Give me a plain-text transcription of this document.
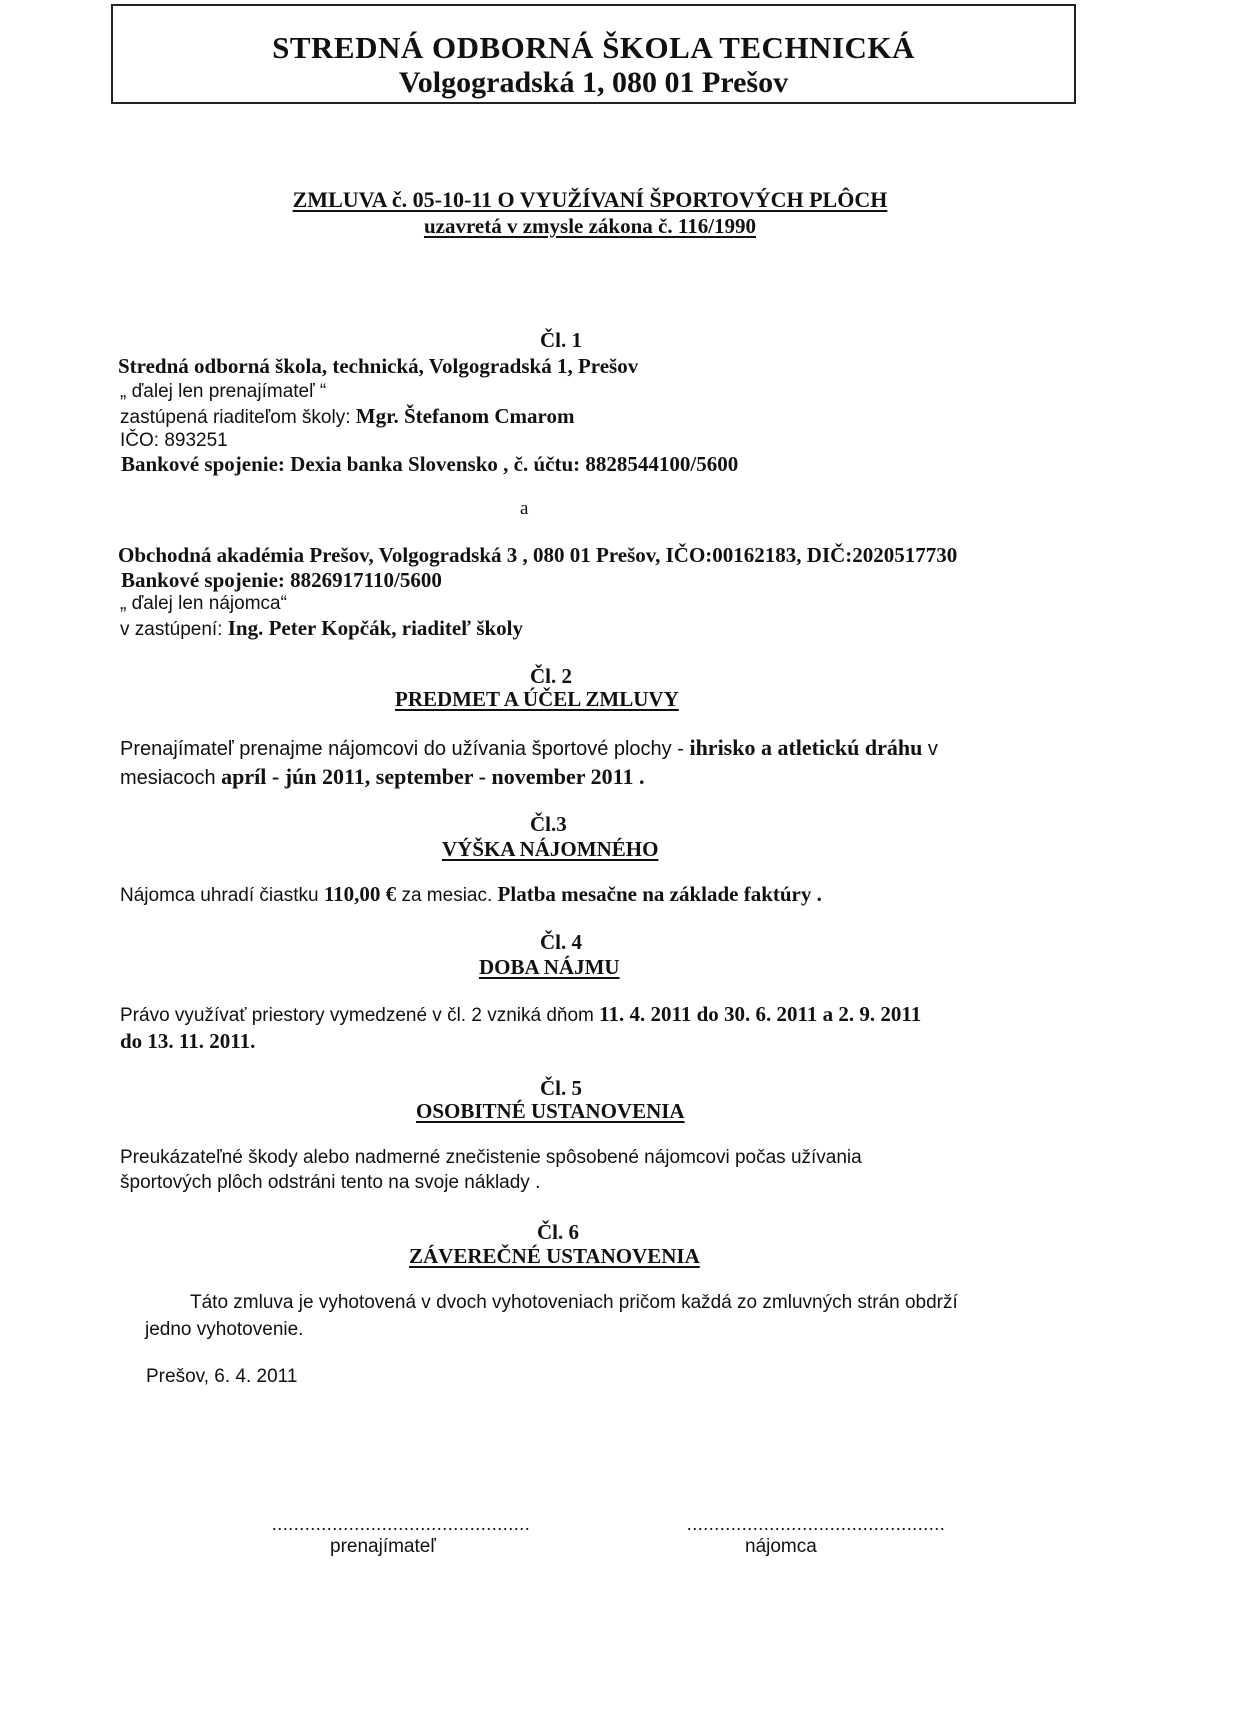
STREDNÁ ODBORNÁ ŠKOLA TECHNICKÁ
Volgogradská 1, 080 01 Prešov
ZMLUVA č. 05-10-11 O VYUŽÍVANÍ ŠPORTOVÝCH PLÔCH
uzavretá v zmysle zákona č. 116/1990
Čl. 1
Stredná odborná škola, technická, Volgogradská 1, Prešov
„ ďalej len prenajímateľ “
zastúpená riaditeľom školy: Mgr. Štefanom Cmarom
IČO: 893251
Bankové spojenie: Dexia banka Slovensko , č. účtu: 8828544100/5600
a
Obchodná akadémia Prešov, Volgogradská 3 , 080 01 Prešov, IČO:00162183, DIČ:2020517730
Bankové spojenie: 8826917110/5600
„ ďalej len nájomca“
v zastúpení: Ing. Peter Kopčák, riaditeľ školy
Čl. 2
PREDMET A ÚČEL ZMLUVY
Prenajímateľ prenajme nájomcovi do užívania športové plochy - ihrisko a atletickú dráhu v
mesiacoch apríl - jún 2011, september - november 2011 .
Čl.3
VÝŠKA NÁJOMNÉHO
Nájomca uhradí čiastku 110,00 € za mesiac. Platba mesačne na základe faktúry .
Čl. 4
DOBA NÁJMU
Právo využívať priestory vymedzené v čl. 2 vzniká dňom 11. 4. 2011 do 30. 6. 2011 a 2. 9. 2011
do 13. 11. 2011.
Čl. 5
OSOBITNÉ USTANOVENIA
Preukázateľné škody alebo nadmerné znečistenie spôsobené nájomcovi počas užívania
športových plôch odstráni tento na svoje náklady .
Čl. 6
ZÁVEREČNÉ USTANOVENIA
Táto zmluva je vyhotovená v dvoch vyhotoveniach pričom každá zo zmluvných strán obdrží
jedno vyhotovenie.
Prešov, 6. 4. 2011
...............................................
prenajímateľ
...............................................
nájomca
